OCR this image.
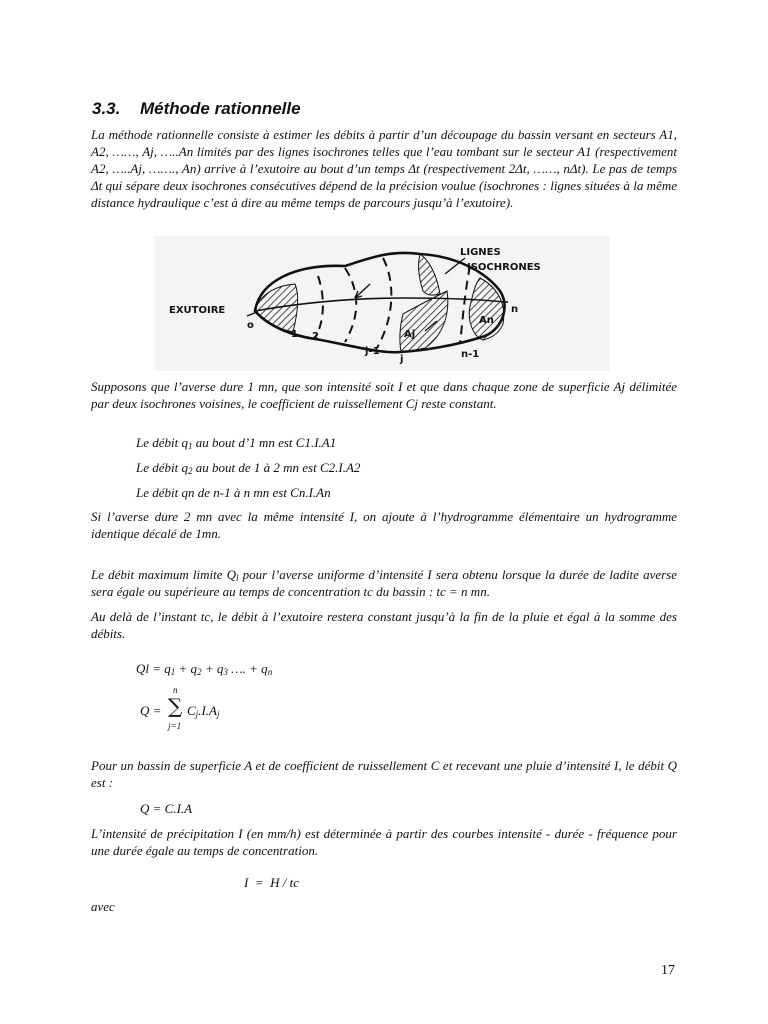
3.3. Méthode rationnelle
La méthode rationnelle consiste à estimer les débits à partir d’un découpage du bassin versant en secteurs A1, A2, ……, Aj, …..An limités par des lignes isochrones telles que l’eau tombant sur le secteur A1 (respectivement A2, …..Aj, ……., An) arrive à l’exutoire au bout d’un temps Δt (respectivement 2Δt, ……, nΔt). Le pas de temps Δt qui sépare deux isochrones consécutives dépend de la précision voulue (isochrones : lignes situées à la même distance hydraulique c’est à dire au même temps de parcours jusqu’à l’exutoire).
LIGNES
ISOCHRONES
EXUTOIRE
o
1 2	Aj
An
j-1
j
n
n-1
Supposons que l’averse dure 1 mn, que son intensité soit I et que dans chaque zone de superficie Aj délimitée par deux isochrones voisines, le coefficient de ruissellement Cj reste constant.
Le débit $q_1$ au bout d’1 mn est C1.I.A1
Le débit $q_2$ au bout de 1 à 2 mn est C2.I.A2
Le débit qn de n-1 à n mn est Cn.I.An
Si l’averse dure 2 mn avec la même intensité I, on ajoute à l’hydrogramme élémentaire un hydrogramme identique décalé de 1mn.
Le débit maximum limite $Q_l$ pour l’averse uniforme d’intensité I sera obtenu lorsque la durée de ladite averse sera égale ou supérieure au temps de concentration tc du bassin : tc = n mn.
Au delà de l’instant tc, le débit à l’exutoire restera constant jusqu’à la fin de la pluie et égal à la somme des débits.
$Ql = q_1 + q_2 + q_3$ …. + $q_n$
Q =
n
∑
j=1
$C_j.I.A_j$
Pour un bassin de superficie A et de coefficient de ruissellement C et recevant une pluie d’intensité I, le débit Q est :
Q = C.I.A
L’intensité de précipitation I (en mm/h) est déterminée à partir des courbes intensité - durée - fréquence pour une durée égale au temps de concentration.
I  =  H / tc
avec
17
